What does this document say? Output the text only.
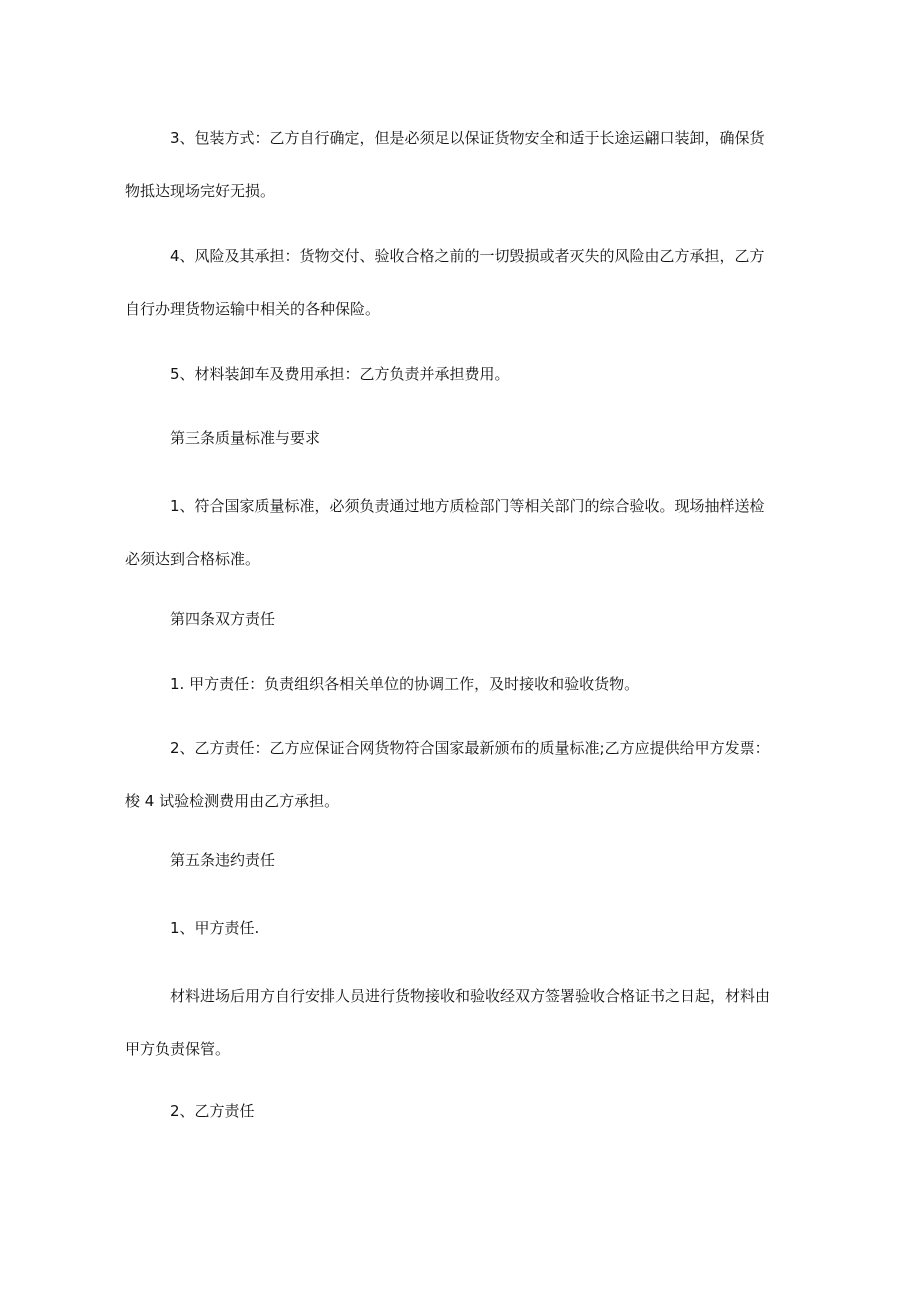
3、包装方式：乙方自行确定，但是必须足以保证货物安全和适于长途运翩口装卸，确保货
物抵达现场完好无损。
4、风险及其承担：货物交付、验收合格之前的一切毁损或者灭失的风险由乙方承担，乙方
自行办理货物运输中相关的各种保险。
5、材料装卸车及费用承担：乙方负责并承担费用。
第三条质量标准与要求
1、符合国家质量标准，必须负责通过地方质检部门等相关部门的综合验收。现场抽样送检
必须达到合格标准。
第四条双方责任
1. 甲方责任：负责组织各相关单位的协调工作，及时接收和验收货物。
2、乙方责任：乙方应保证合网货物符合国家最新颁布的质量标准;乙方应提供给甲方发票：
梭 4 试验检测费用由乙方承担。
第五条违约责任
1、甲方责任.
材料进场后用方自行安排人员进行货物接收和验收经双方签署验收合格证书之日起，材料由
甲方负责保管。
2、乙方责任
